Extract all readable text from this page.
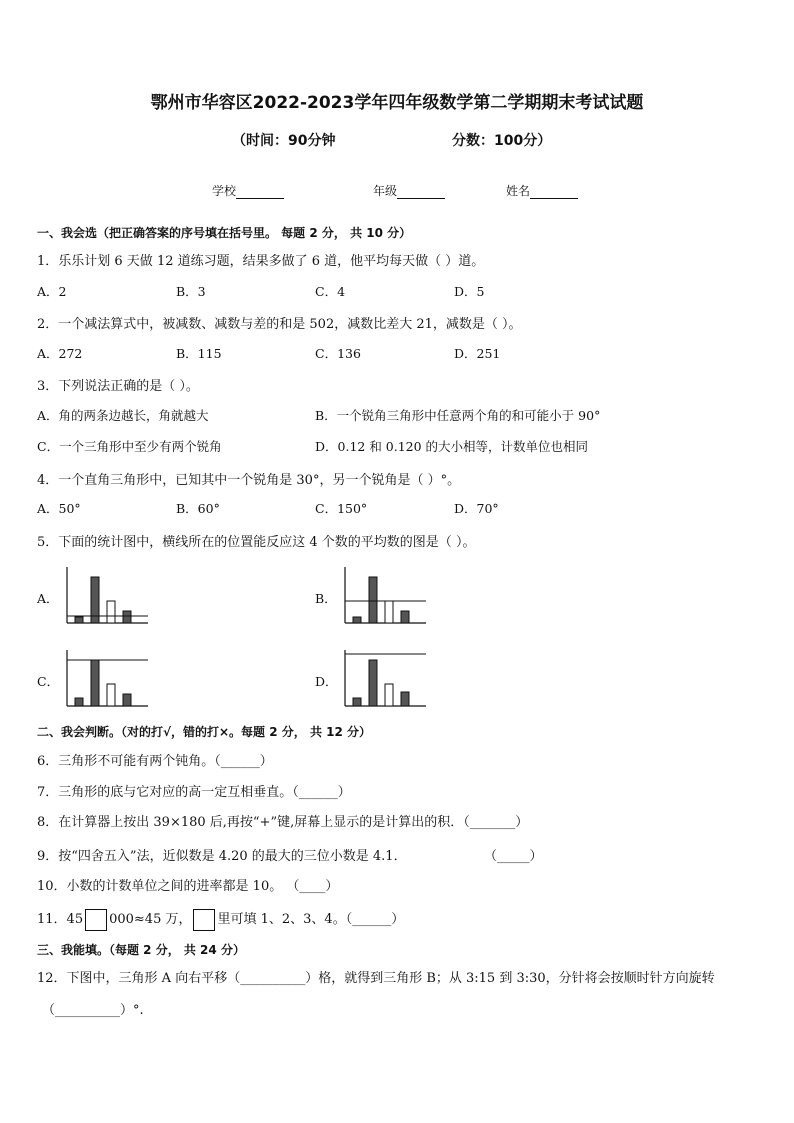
鄂州市华容区2022-2023学年四年级数学第二学期期末考试试题
（时间：90分钟	分数：100分）
学校	年级	姓名
一、我会选（把正确答案的序号填在括号里。 每题 2 分， 共 10 分）
1．乐乐计划 6 天做 12 道练习题，结果多做了 6 道，他平均每天做（ ）道。
A．2	B．3	C．4	D．5
2．一个减法算式中，被减数、减数与差的和是 502，减数比差大 21，减数是（ ）。
A．272	B．115	C．136	D．251
3．下列说法正确的是（ ）。
A．角的两条边越长，角就越大	B．一个锐角三角形中任意两个角的和可能小于 90°
C．一个三角形中至少有两个锐角	D．0.12 和 0.120 的大小相等，计数单位也相同
4．一个直角三角形中，已知其中一个锐角是 30°，另一个锐角是（ ）°。
A．50°	B．60°	C．150°	D．70°
5．下面的统计图中，横线所在的位置能反应这 4 个数的平均数的图是（ ）。
A．	B．
C．	D．
二、我会判断。（对的打√，错的打×。每题 2 分， 共 12 分）
6．三角形不可能有两个钝角。（______）
7．三角形的底与它对应的高一定互相垂直。（______）
8．在计算器上按出 39×180 后,再按“+”键,屏幕上显示的是计算出的积．（_______）
9．按“四舍五入”法，近似数是 4.20 的最大的三位小数是 4.1．	（_____）
10．小数的计数单位之间的进率都是 10。 （____）
11．45 000≈45 万， 里可填 1、2、3、4。（______）
三、我能填。（每题 2 分， 共 24 分）
12．下图中，三角形 A 向右平移（__________）格，就得到三角形 B；从 3:15 到 3:30，分针将会按顺时针方向旋转
（__________）°.
